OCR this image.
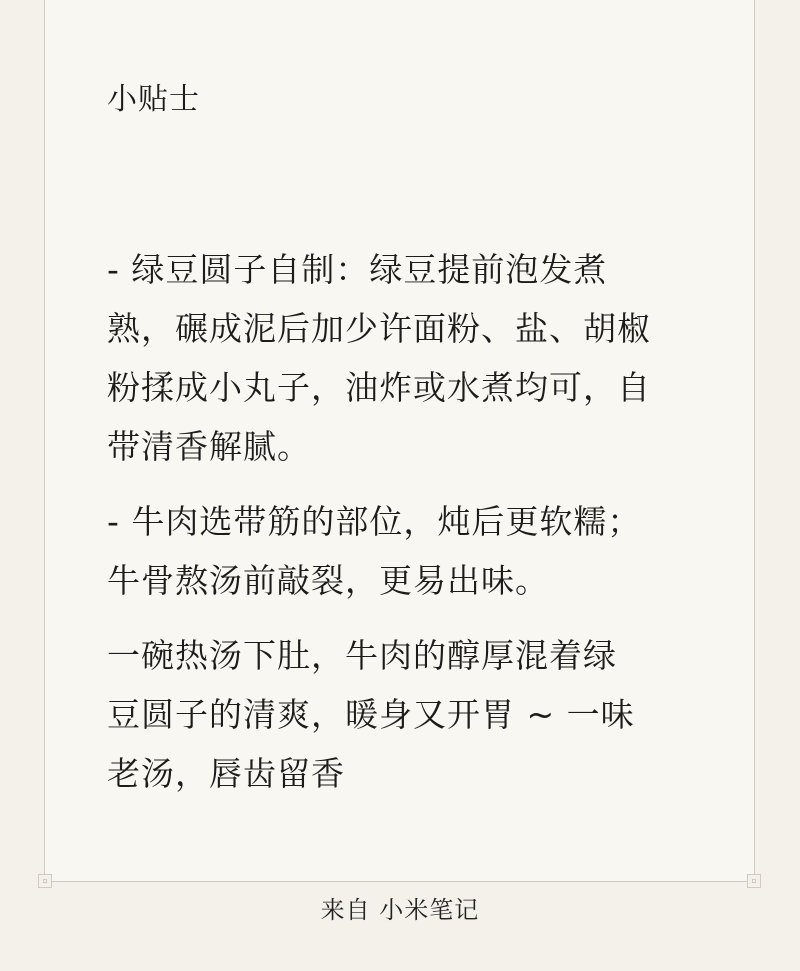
小贴士

- 绿豆圆子自制：绿豆提前泡发煮
熟，碾成泥后加少许面粉、盐、胡椒
粉揉成小丸子，油炸或水煮均可，自
带清香解腻。

- 牛肉选带筋的部位，炖后更软糯；
牛骨熬汤前敲裂，更易出味。

一碗热汤下肚，牛肉的醇厚混着绿
豆圆子的清爽，暖身又开胃 ~ 一味
老汤，唇齿留香

来自 小米笔记
